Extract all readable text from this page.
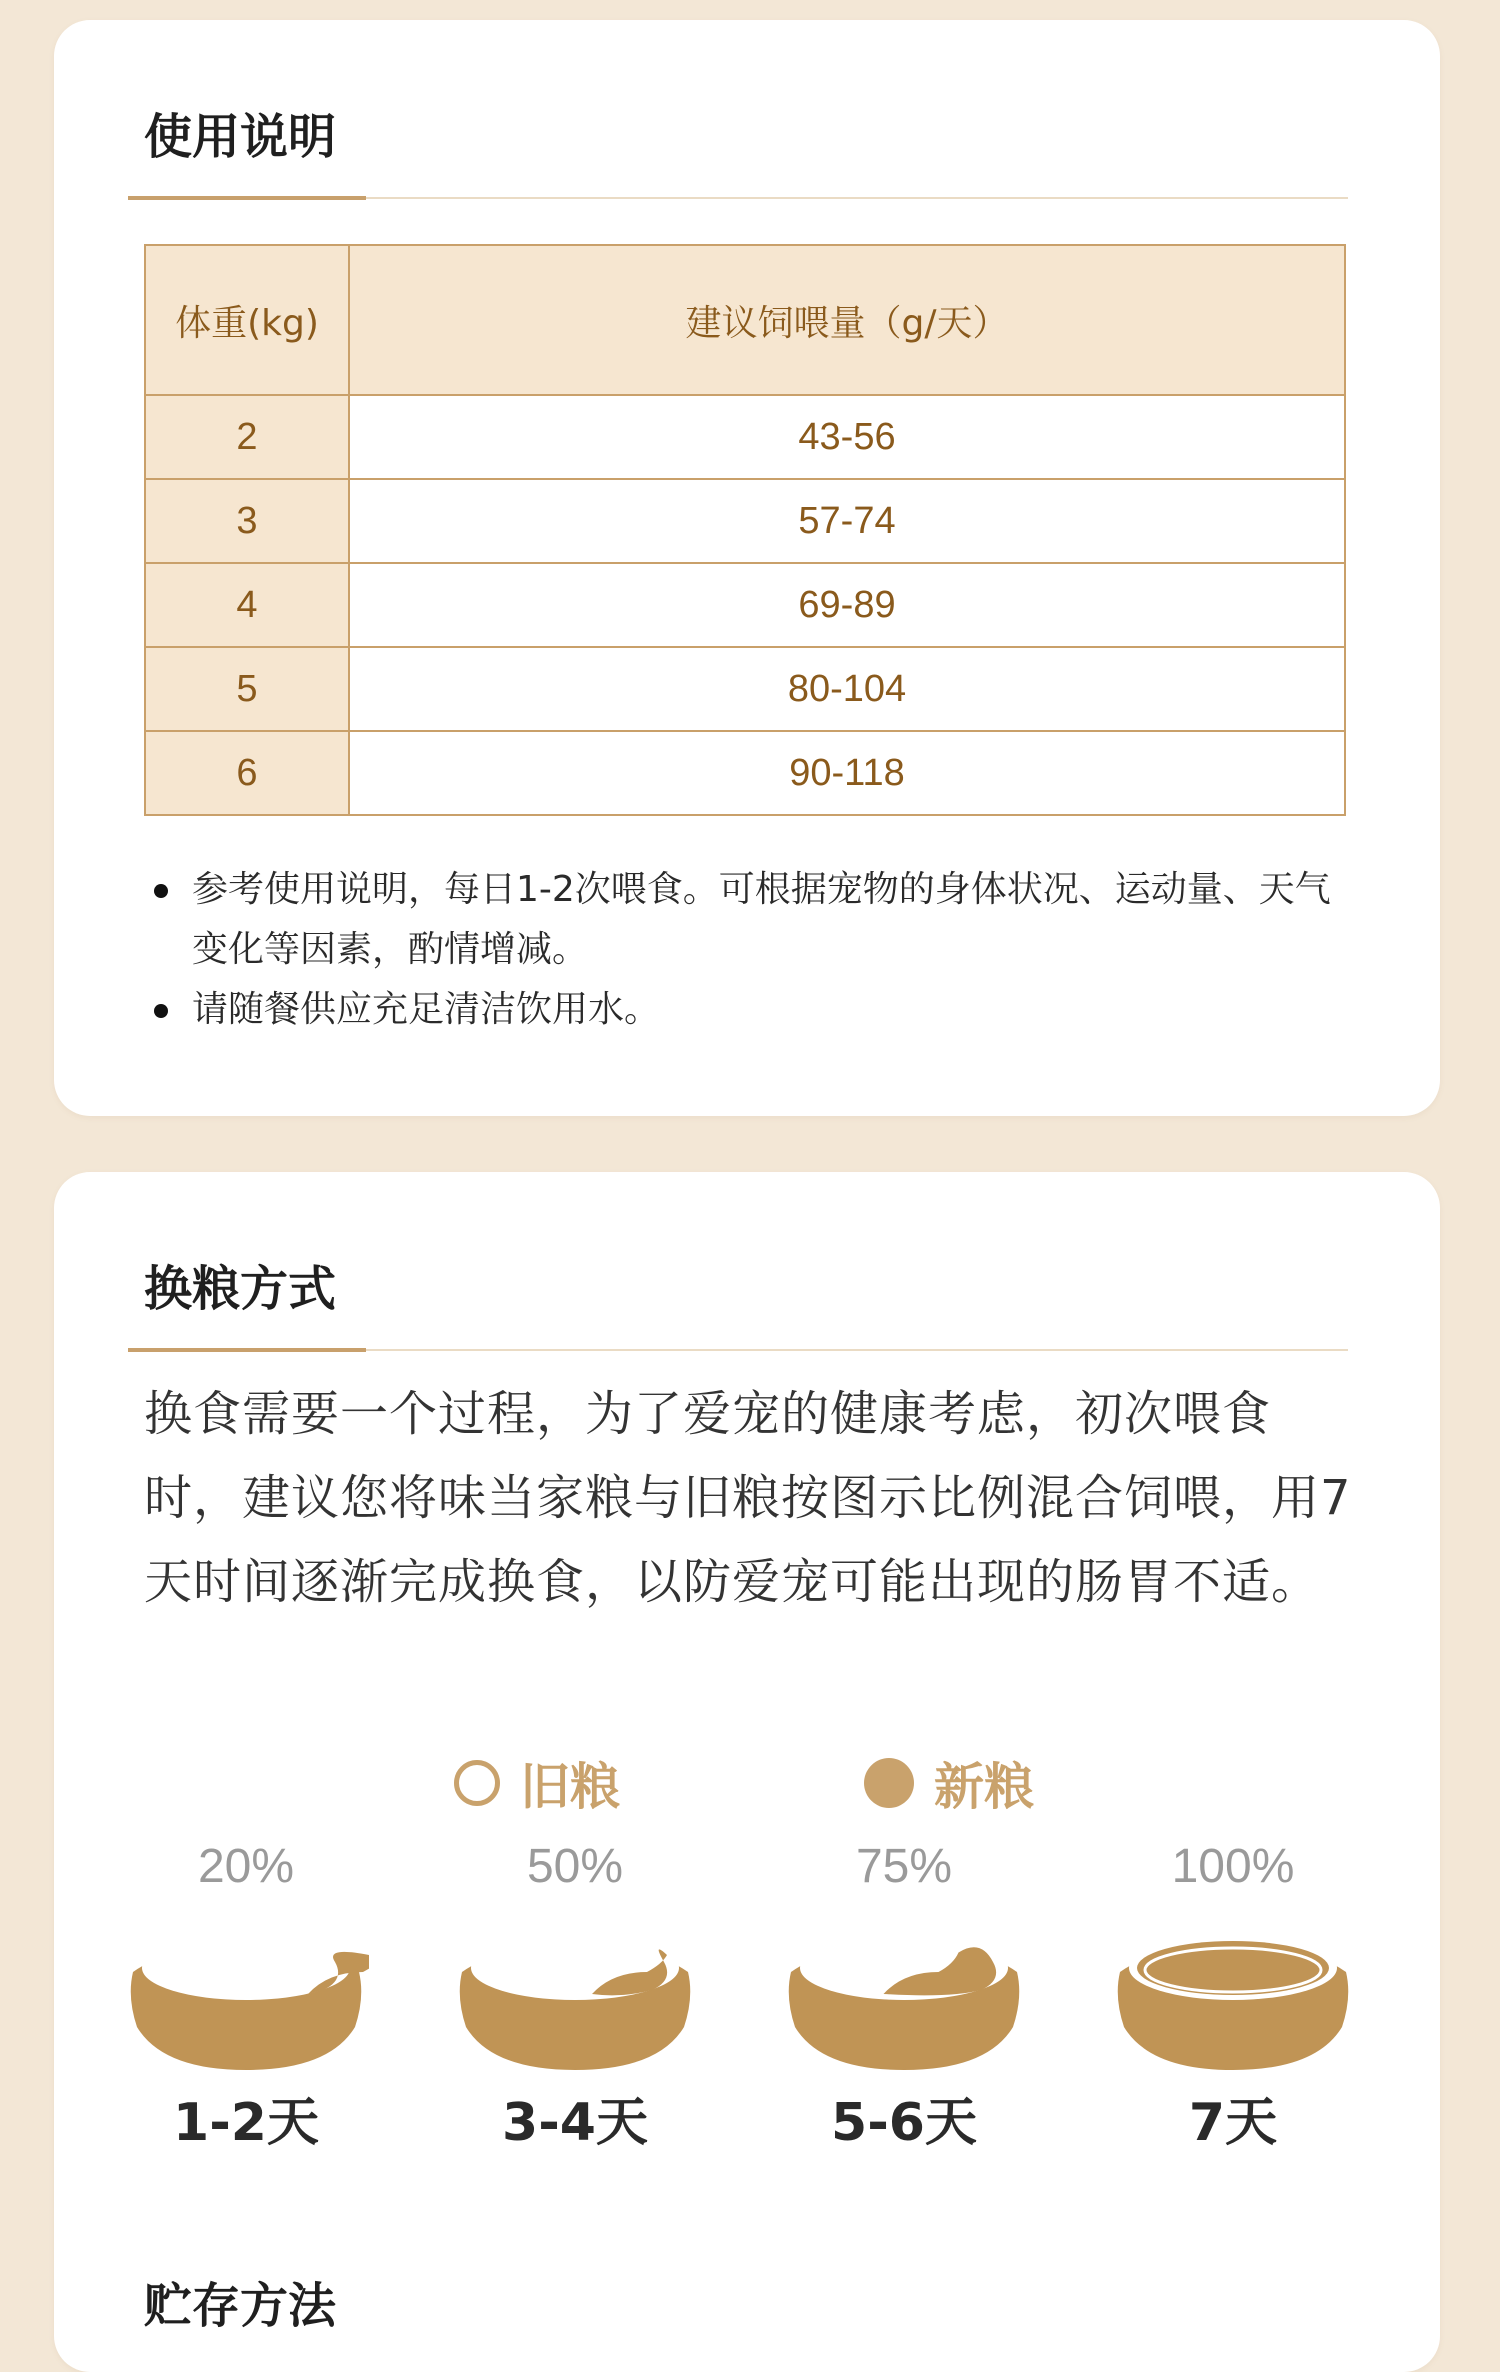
使用说明
体重(kg)	建议饲喂量（g/天）
2	43-56
3	57-74
4	69-89
5	80-104
6	90-118
参考使用说明，每日1-2次喂食。可根据宠物的身体状况、运动量、天气变化等因素，酌情增减。
请随餐供应充足清洁饮用水。
换粮方式
换食需要一个过程，为了爱宠的健康考虑，初次喂食时，建议您将味当家粮与旧粮按图示比例混合饲喂，用7天时间逐渐完成换食，以防爱宠可能出现的肠胃不适。
旧粮	新粮
20%
1-2天
50%
3-4天
75%
5-6天
100%
7天
贮存方法
